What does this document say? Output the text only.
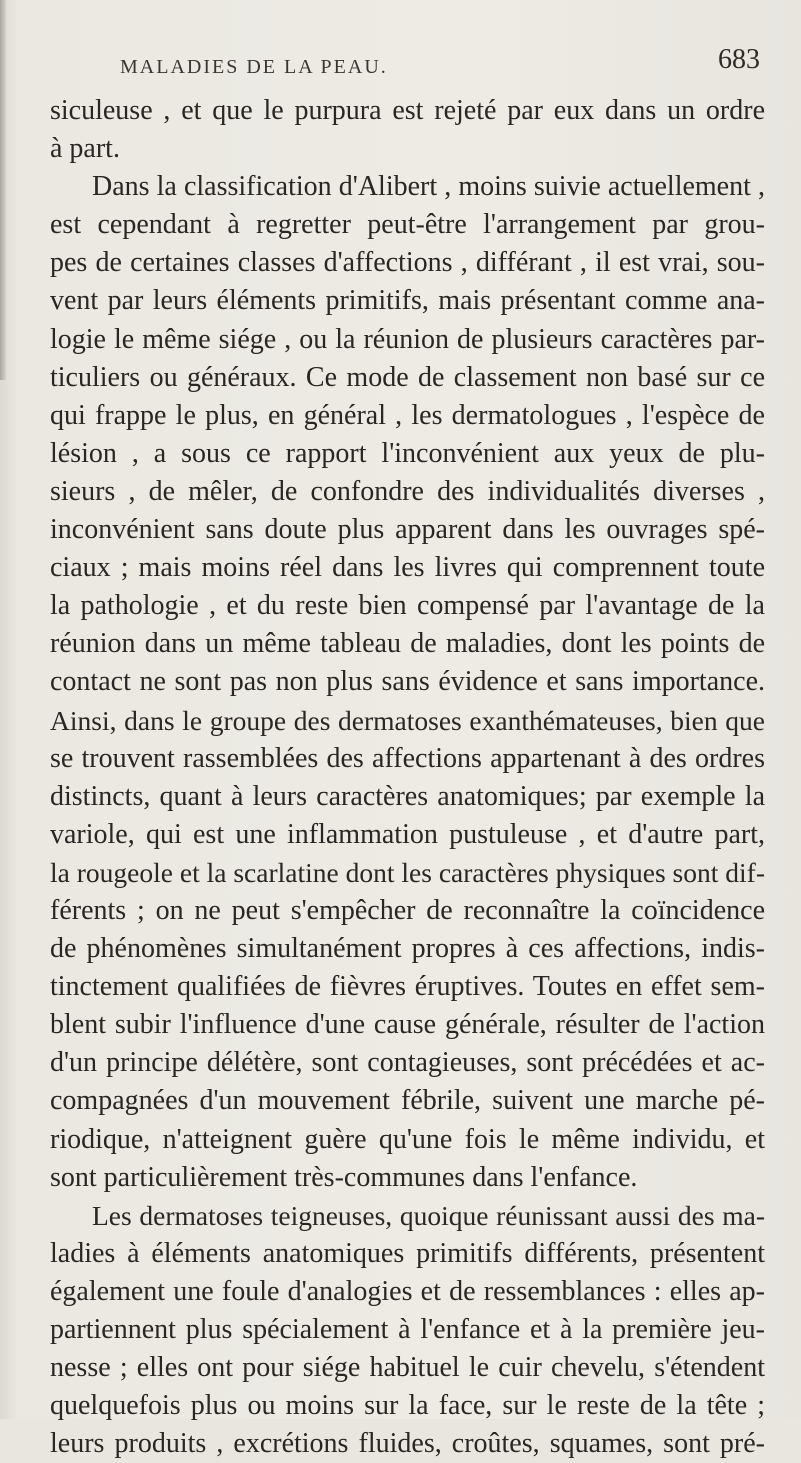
MALADIES DE LA PEAU.	683
siculeuse , et que le purpura est rejeté par eux dans un ordre
à part.
Dans la classification d'Alibert , moins suivie actuellement ,
est cependant à regretter peut-être l'arrangement par grou-
pes de certaines classes d'affections , différant , il est vrai, sou-
vent par leurs éléments primitifs, mais présentant comme ana-
logie le même siége , ou la réunion de plusieurs caractères par-
ticuliers ou généraux. Ce mode de classement non basé sur ce
qui frappe le plus, en général , les dermatologues , l'espèce de
lésion , a sous ce rapport l'inconvénient aux yeux de plu-
sieurs , de mêler, de confondre des individualités diverses ,
inconvénient sans doute plus apparent dans les ouvrages spé-
ciaux ; mais moins réel dans les livres qui comprennent toute
la pathologie , et du reste bien compensé par l'avantage de la
réunion dans un même tableau de maladies, dont les points de
contact ne sont pas non plus sans évidence et sans importance.
Ainsi, dans le groupe des dermatoses exanthémateuses, bien que
se trouvent rassemblées des affections appartenant à des ordres
distincts, quant à leurs caractères anatomiques; par exemple la
variole, qui est une inflammation pustuleuse , et d'autre part,
la rougeole et la scarlatine dont les caractères physiques sont dif-
férents ; on ne peut s'empêcher de reconnaître la coïncidence
de phénomènes simultanément propres à ces affections, indis-
tinctement qualifiées de fièvres éruptives. Toutes en effet sem-
blent subir l'influence d'une cause générale, résulter de l'action
d'un principe délétère, sont contagieuses, sont précédées et ac-
compagnées d'un mouvement fébrile, suivent une marche pé-
riodique, n'atteignent guère qu'une fois le même individu, et
sont particulièrement très-communes dans l'enfance.
Les dermatoses teigneuses, quoique réunissant aussi des ma-
ladies à éléments anatomiques primitifs différents, présentent
également une foule d'analogies et de ressemblances : elles ap-
partiennent plus spécialement à l'enfance et à la première jeu-
nesse ; elles ont pour siége habituel le cuir chevelu, s'étendent
quelquefois plus ou moins sur la face, sur le reste de la tête ;
leurs produits , excrétions fluides, croûtes, squames, sont pré-
